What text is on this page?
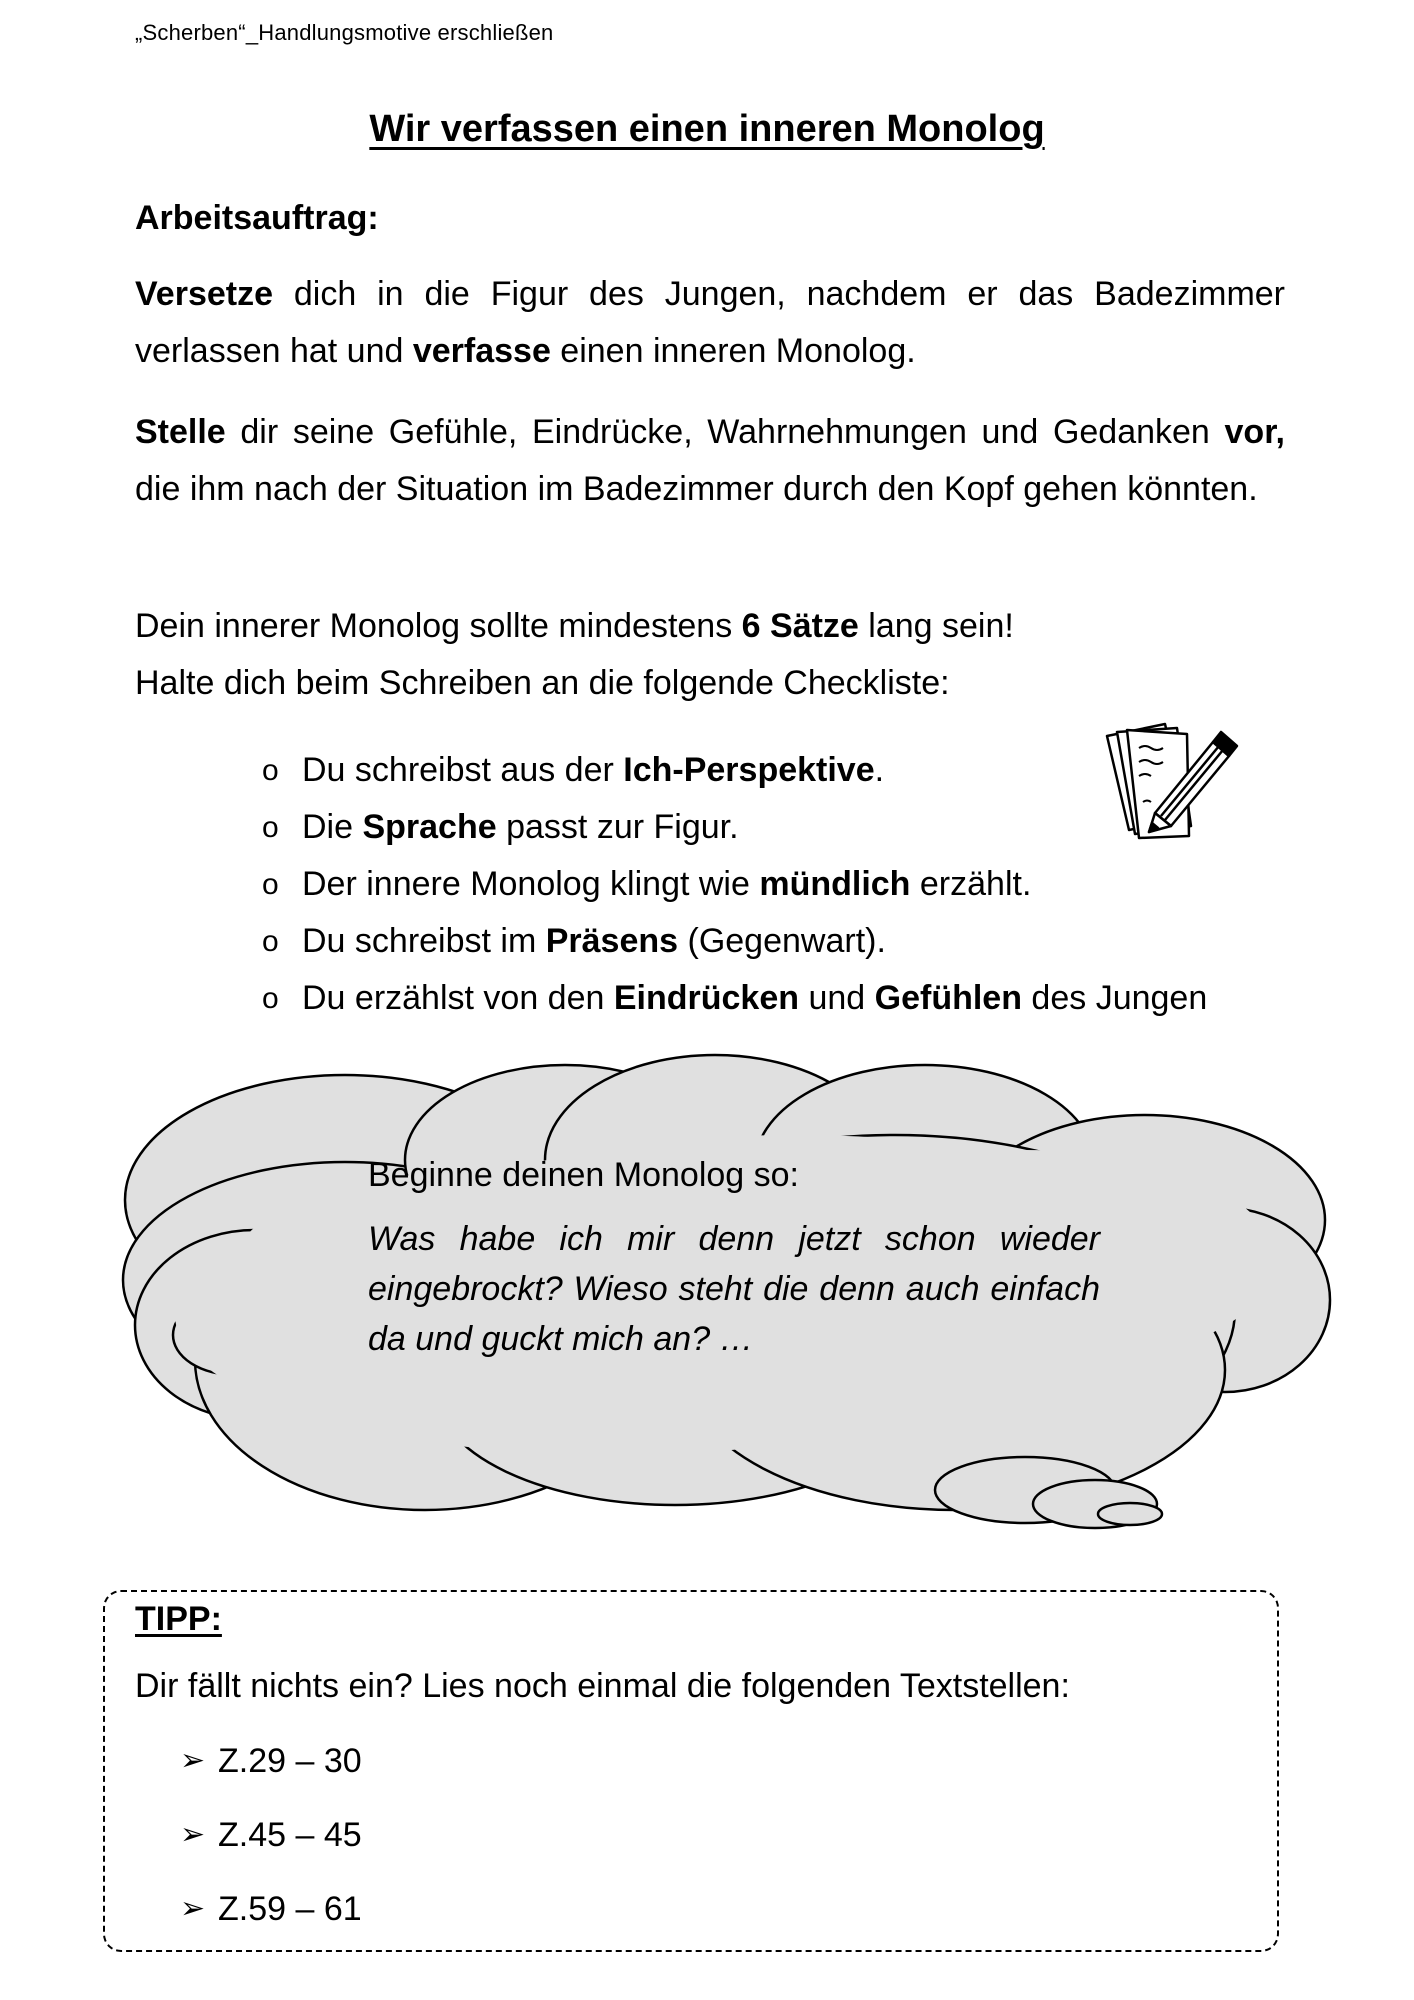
„Scherben“_Handlungsmotive erschließen
Wir verfassen einen inneren Monolog
Arbeitsauftrag:
Versetze dich in die Figur des Jungen, nachdem er das Badezimmer verlassen hat und verfasse einen inneren Monolog.
Stelle dir seine Gefühle, Eindrücke, Wahrnehmungen und Gedanken vor, die ihm nach der Situation im Badezimmer durch den Kopf gehen könnten.
Dein innerer Monolog sollte mindestens 6 Sätze lang sein!
Halte dich beim Schreiben an die folgende Checkliste:
o Du schreibst aus der Ich-Perspektive.
o Die Sprache passt zur Figur.
o Der innere Monolog klingt wie mündlich erzählt.
o Du schreibst im Präsens (Gegenwart).
o Du erzählst von den Eindrücken und Gefühlen des Jungen
Beginne deinen Monolog so:
Was habe ich mir denn jetzt schon wieder eingebrockt? Wieso steht die denn auch einfach da und guckt mich an? …
TIPP:
Dir fällt nichts ein? Lies noch einmal die folgenden Textstellen:
➢ Z.29 – 30
➢ Z.45 – 45
➢ Z.59 – 61
